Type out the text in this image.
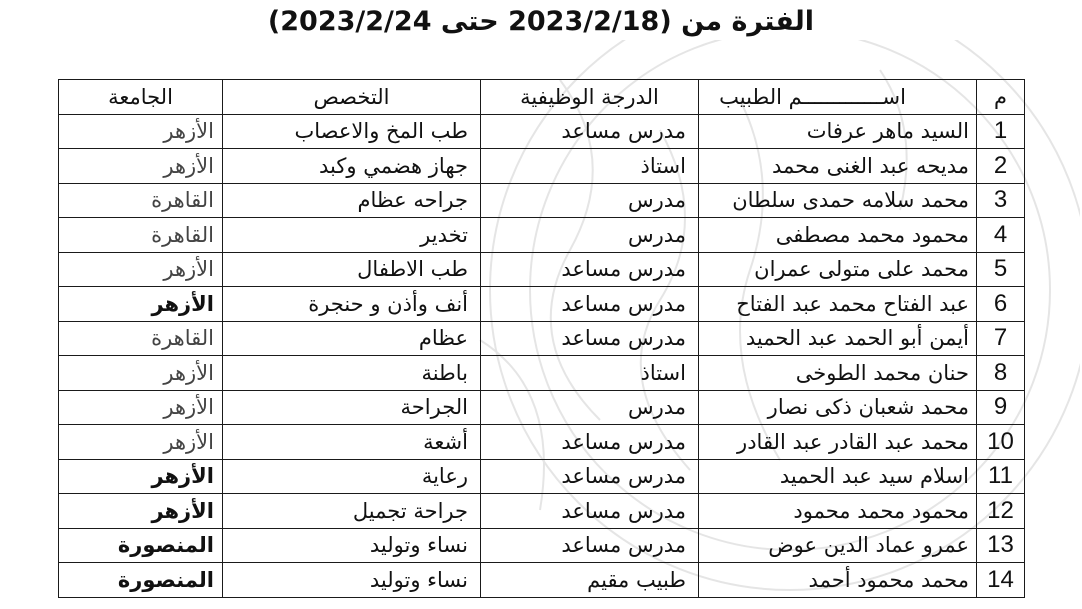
الفترة من (2023/2/18 حتى 2023/2/24)
م	اســـــــــــــم الطبيب	الدرجة الوظيفية	التخصص	الجامعة
1	السيد ماهر عرفات	مدرس مساعد	طب المخ والاعصاب	الأزهر
2	مديحه عبد الغنى محمد	استاذ	جهاز هضمي وكبد	الأزهر
3	محمد سلامه حمدى سلطان	مدرس	جراحه عظام	القاهرة
4	محمود محمد مصطفى	مدرس	تخدير	القاهرة
5	محمد على متولى عمران	مدرس مساعد	طب الاطفال	الأزهر
6	عبد الفتاح محمد عبد الفتاح	مدرس مساعد	أنف وأذن و حنجرة	الأزهر
7	أيمن أبو الحمد عبد الحميد	مدرس مساعد	عظام	القاهرة
8	حنان محمد الطوخى	استاذ	باطنة	الأزهر
9	محمد شعبان ذكى نصار	مدرس	الجراحة	الأزهر
10	محمد عبد القادر عبد القادر	مدرس مساعد	أشعة	الأزهر
11	اسلام سيد عبد الحميد	مدرس مساعد	رعاية	الأزهر
12	محمود محمد محمود	مدرس مساعد	جراحة تجميل	الأزهر
13	عمرو عماد الدين عوض	مدرس مساعد	نساء وتوليد	المنصورة
14	محمد محمود أحمد	طبيب مقيم	نساء وتوليد	المنصورة
